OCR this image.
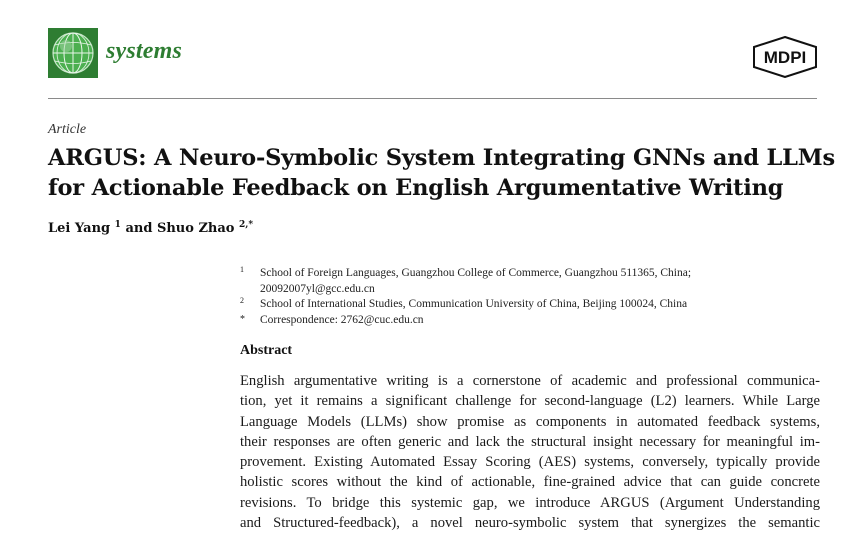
systems	MDPI
Article
ARGUS: A Neuro-Symbolic System Integrating GNNs and LLMs
for Actionable Feedback on English Argumentative Writing
Lei Yang $^1$ and Shuo Zhao $^{2,*}$
1 School of Foreign Languages, Guangzhou College of Commerce, Guangzhou 511365, China;
20092007yl@gcc.edu.cn
2 School of International Studies, Communication University of China, Beijing 100024, China
* Correspondence: 2762@cuc.edu.cn
Abstract
English argumentative writing is a cornerstone of academic and professional communica-
tion, yet it remains a significant challenge for second-language (L2) learners. While Large
Language Models (LLMs) show promise as components in automated feedback systems,
their responses are often generic and lack the structural insight necessary for meaningful im-
provement. Existing Automated Essay Scoring (AES) systems, conversely, typically provide
holistic scores without the kind of actionable, fine-grained advice that can guide concrete
revisions. To bridge this systemic gap, we introduce ARGUS (Argument Understanding
and Structured-feedback), a novel neuro-symbolic system that synergizes the semantic
